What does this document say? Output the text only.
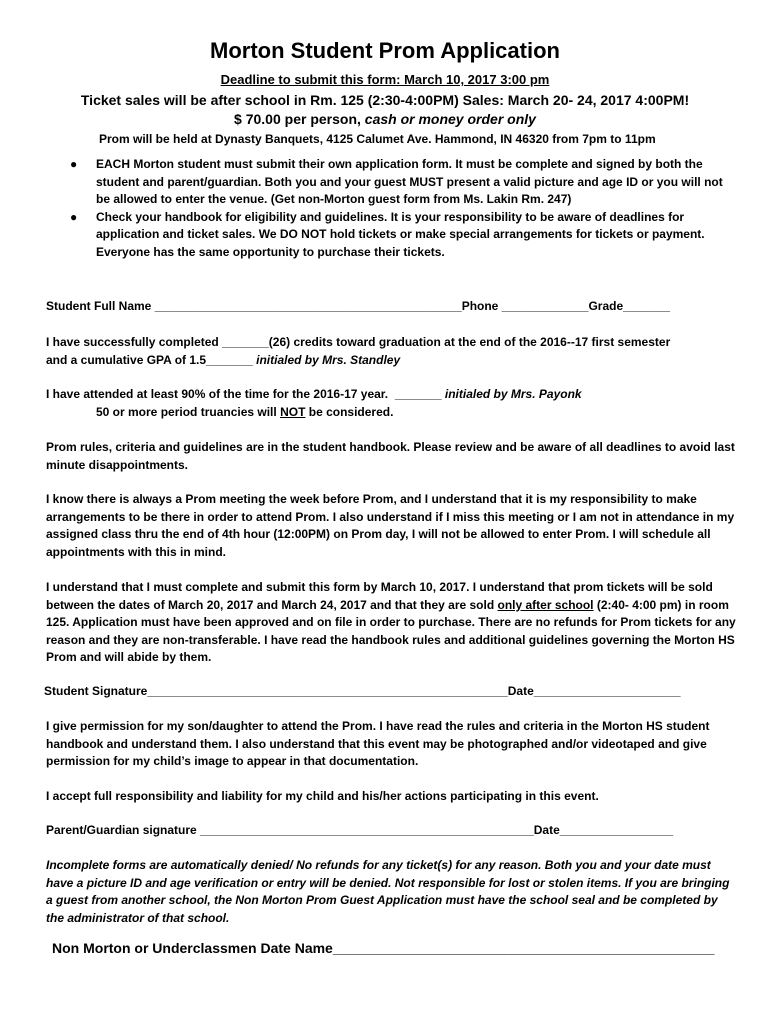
Morton Student Prom Application
Deadline to submit this form: March 10, 2017 3:00 pm
Ticket sales will be after school in Rm. 125 (2:30-4:00PM) Sales: March 20- 24, 2017 4:00PM!
$ 70.00 per person, cash or money order only
Prom will be held at Dynasty Banquets, 4125 Calumet Ave. Hammond, IN 46320 from 7pm to 11pm
● EACH Morton student must submit their own application form. It must be complete and signed by both the student and parent/guardian. Both you and your guest MUST present a valid picture and age ID or you will not be allowed to enter the venue. (Get non-Morton guest form from Ms. Lakin Rm. 247)
● Check your handbook for eligibility and guidelines. It is your responsibility to be aware of deadlines for application and ticket sales. We DO NOT hold tickets or make special arrangements for tickets or payment. Everyone has the same opportunity to purchase their tickets.
Student Full Name ______________________________________________Phone _____________Grade_______
I have successfully completed _______(26) credits toward graduation at the end of the 2016--17 first semester
and a cumulative GPA of 1.5_______ initialed by Mrs. Standley
I have attended at least 90% of the time for the 2016-17 year. _______ initialed by Mrs. Payonk
50 or more period truancies will NOT be considered.

Prom rules, criteria and guidelines are in the student handbook. Please review and be aware of all deadlines to avoid last minute disappointments.

I know there is always a Prom meeting the week before Prom, and I understand that it is my responsibility to make arrangements to be there in order to attend Prom. I also understand if I miss this meeting or I am not in attendance in my assigned class thru the end of 4th hour (12:00PM) on Prom day, I will not be allowed to enter Prom. I will schedule all appointments with this in mind.

I understand that I must complete and submit this form by March 10, 2017. I understand that prom tickets will be sold between the dates of March 20, 2017 and March 24, 2017 and that they are sold only after school (2:40- 4:00 pm) in room 125. Application must have been approved and on file in order to purchase. There are no refunds for Prom tickets for any reason and they are non-transferable. I have read the handbook rules and additional guidelines governing the Morton HS Prom and will abide by them.

Student Signature______________________________________________________Date______________________

I give permission for my son/daughter to attend the Prom. I have read the rules and criteria in the Morton HS student handbook and understand them. I also understand that this event may be photographed and/or videotaped and give permission for my child’s image to appear in that documentation.

I accept full responsibility and liability for my child and his/her actions participating in this event.

Parent/Guardian signature __________________________________________________Date_________________

Incomplete forms are automatically denied/ No refunds for any ticket(s) for any reason. Both you and your date must have a picture ID and age verification or entry will be denied. Not responsible for lost or stolen items. If you are bringing a guest from another school, the Non Morton Prom Guest Application must have the school seal and be completed by the administrator of that school.

Non Morton or Underclassmen Date Name_________________________________________________
